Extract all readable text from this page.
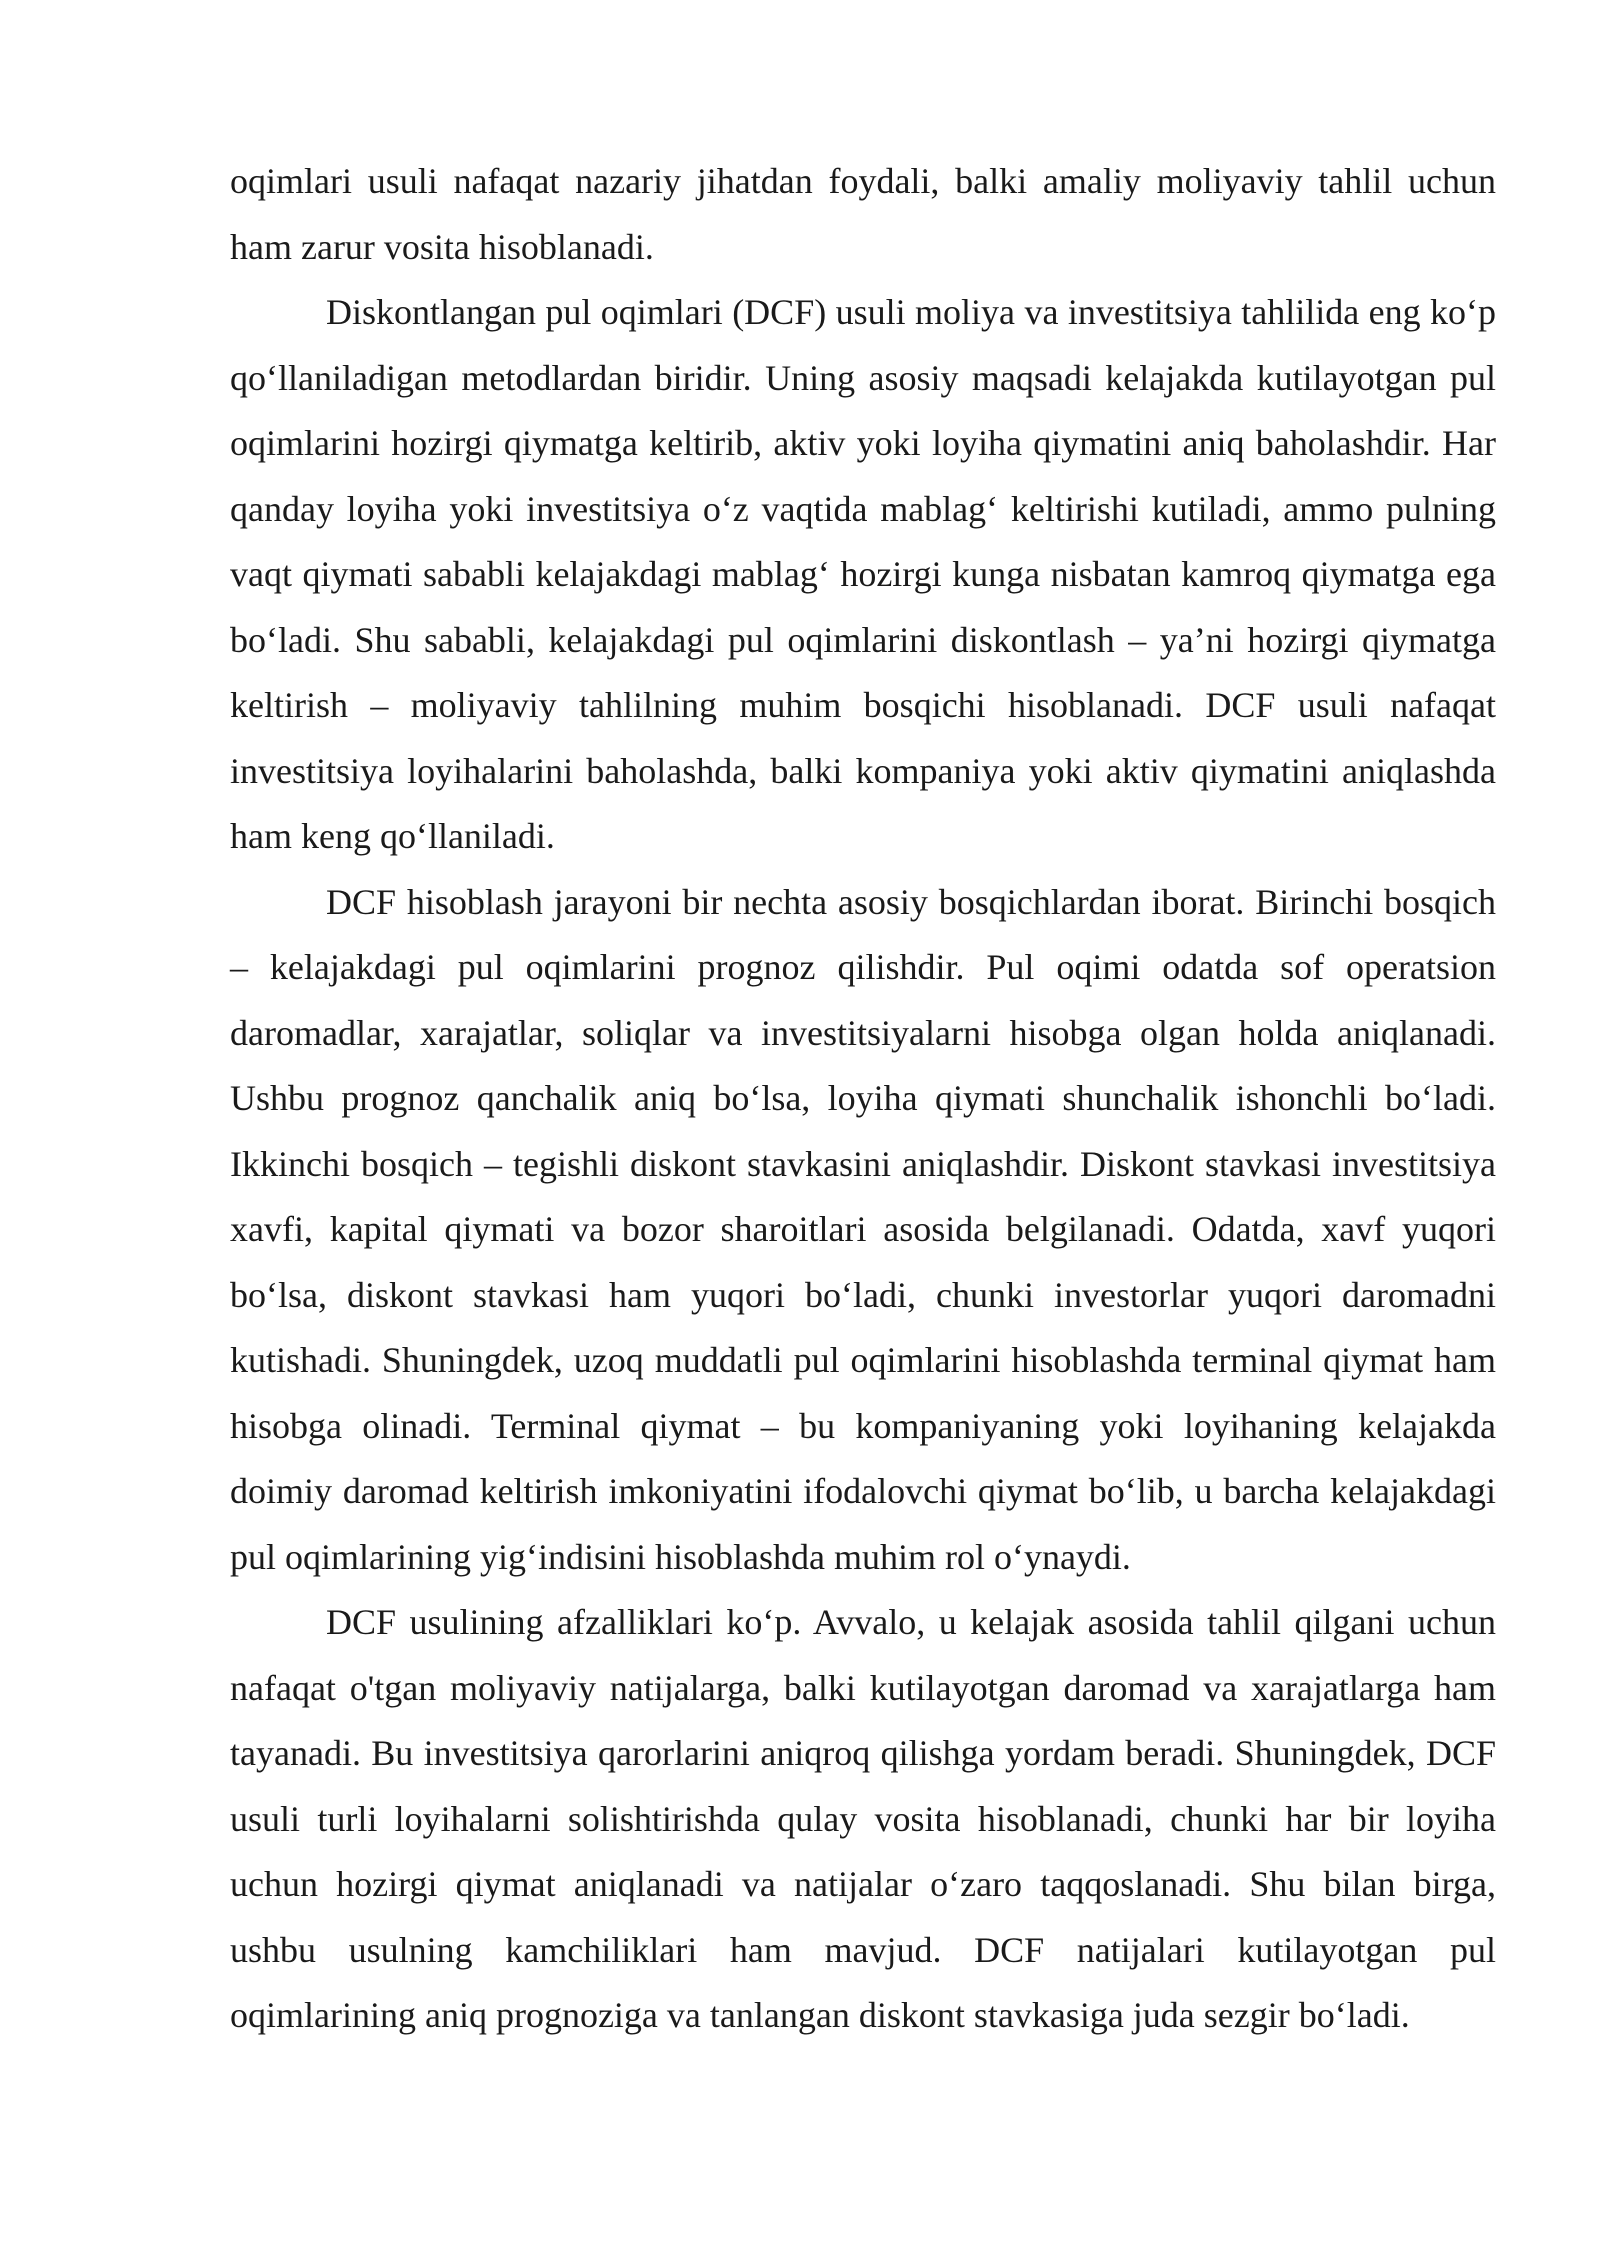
oqimlari usuli nafaqat nazariy jihatdan foydali, balki amaliy moliyaviy tahlil uchun ham zarur vosita hisoblanadi.

Diskontlangan pul oqimlari (DCF) usuli moliya va investitsiya tahlilida eng koʻp qoʻllaniladigan metodlardan biridir. Uning asosiy maqsadi kelajakda kutilayotgan pul oqimlarini hozirgi qiymatga keltirib, aktiv yoki loyiha qiymatini aniq baholashdir. Har qanday loyiha yoki investitsiya oʻz vaqtida mablagʻ keltirishi kutiladi, ammo pulning vaqt qiymati sababli kelajakdagi mablagʻ hozirgi kunga nisbatan kamroq qiymatga ega boʻladi. Shu sababli, kelajakdagi pul oqimlarini diskontlash – ya’ni hozirgi qiymatga keltirish – moliyaviy tahlilning muhim bosqichi hisoblanadi. DCF usuli nafaqat investitsiya loyihalarini baholashda, balki kompaniya yoki aktiv qiymatini aniqlashda ham keng qoʻllaniladi.

DCF hisoblash jarayoni bir nechta asosiy bosqichlardan iborat. Birinchi bosqich – kelajakdagi pul oqimlarini prognoz qilishdir. Pul oqimi odatda sof operatsion daromadlar, xarajatlar, soliqlar va investitsiyalarni hisobga olgan holda aniqlanadi. Ushbu prognoz qanchalik aniq boʻlsa, loyiha qiymati shunchalik ishonchli boʻladi. Ikkinchi bosqich – tegishli diskont stavkasini aniqlashdir. Diskont stavkasi investitsiya xavfi, kapital qiymati va bozor sharoitlari asosida belgilanadi. Odatda, xavf yuqori boʻlsa, diskont stavkasi ham yuqori boʻladi, chunki investorlar yuqori daromadni kutishadi. Shuningdek, uzoq muddatli pul oqimlarini hisoblashda terminal qiymat ham hisobga olinadi. Terminal qiymat – bu kompaniyaning yoki loyihaning kelajakda doimiy daromad keltirish imkoniyatini ifodalovchi qiymat boʻlib, u barcha kelajakdagi pul oqimlarining yigʻindisini hisoblashda muhim rol oʻynaydi.

DCF usulining afzalliklari koʻp. Avvalo, u kelajak asosida tahlil qilgani uchun nafaqat o'tgan moliyaviy natijalarga, balki kutilayotgan daromad va xarajatlarga ham tayanadi. Bu investitsiya qarorlarini aniqroq qilishga yordam beradi. Shuningdek, DCF usuli turli loyihalarni solishtirishda qulay vosita hisoblanadi, chunki har bir loyiha uchun hozirgi qiymat aniqlanadi va natijalar oʻzaro taqqoslanadi. Shu bilan birga, ushbu usulning kamchiliklari ham mavjud. DCF natijalari kutilayotgan pul oqimlarining aniq prognoziga va tanlangan diskont stavkasiga juda sezgir boʻladi.
